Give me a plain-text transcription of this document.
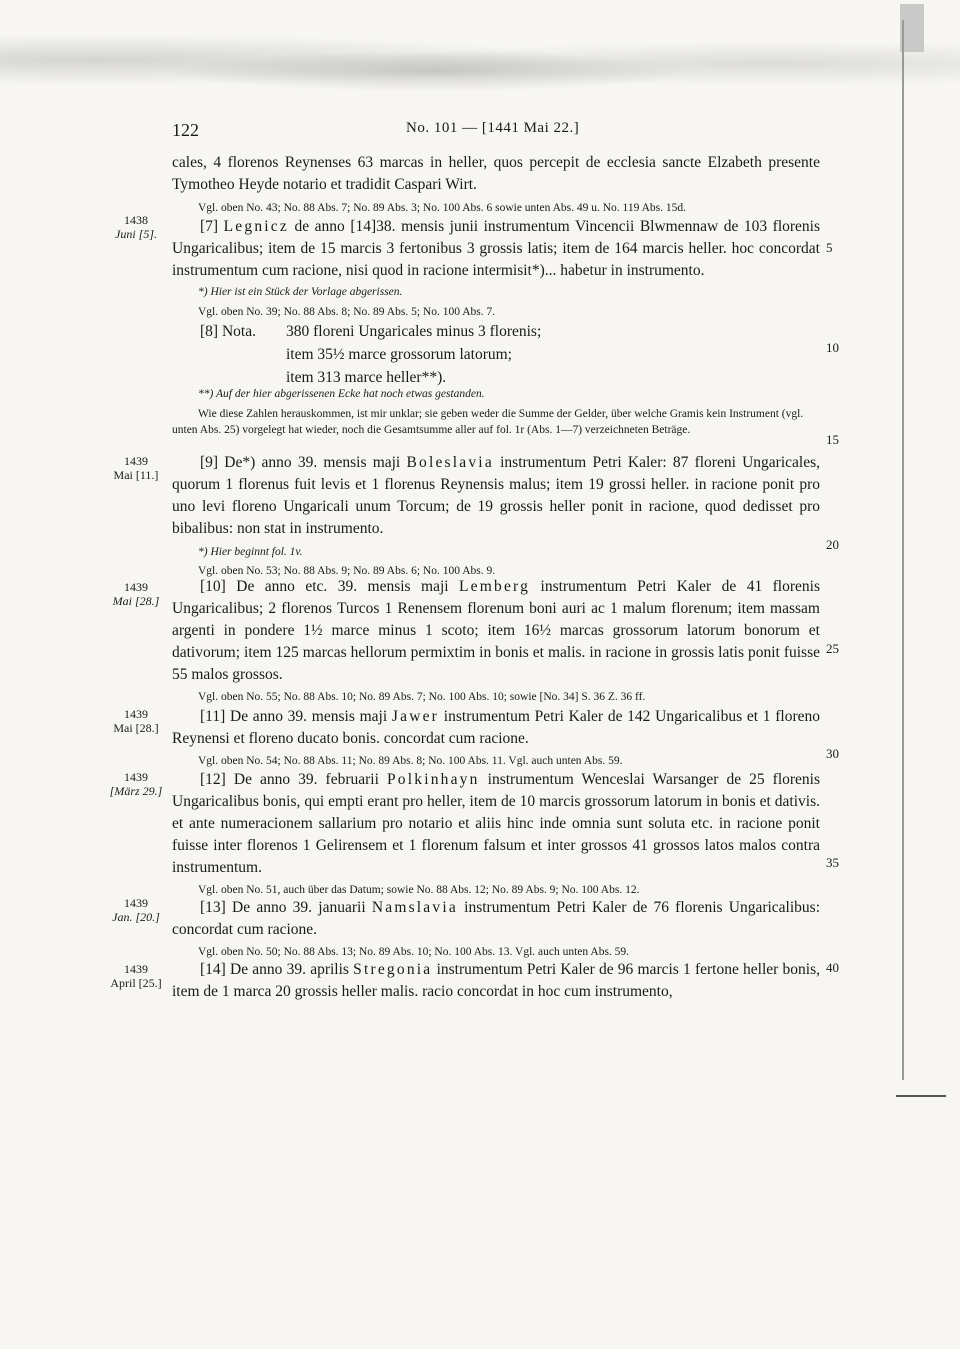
122	No. 101 — [1441 Mai 22.]
1438
Juni [5].
1439
Mai [11.]
1439
Mai [28.]
1439
Mai [28.]
1439
[März 29.]
1439
Jan. [20.]
1439
April [25.]
5
10
15
20
25
30
35
40

cales, 4 florenos Reynenses 63 marcas in heller, quos percepit de ecclesia sancte Elzabeth presente Tymotheo Heyde notario et tradidit Caspari Wirt.

Vgl. oben No. 43; No. 88 Abs. 7; No. 89 Abs. 3; No. 100 Abs. 6 sowie unten Abs. 49 u. No. 119 Abs. 15d.

[7] Legnicz de anno [14]38. mensis junii instrumentum Vincencii Blwmennaw de 103 florenis Ungaricalibus; item de 15 marcis 3 fertonibus 3 grossis latis; item de 164 marcis heller. hoc concordat instrumentum cum racione, nisi quod in racione intermisit*)... habetur in instrumento.

*) Hier ist ein Stück der Vorlage abgerissen.

Vgl. oben No. 39; No. 88 Abs. 8; No. 89 Abs. 5; No. 100 Abs. 7.

[8] Nota. 380 floreni Ungaricales minus 3 florenis;
item 35½ marce grossorum latorum;
item 313 marce heller**).

**) Auf der hier abgerissenen Ecke hat noch etwas gestanden.

Wie diese Zahlen herauskommen, ist mir unklar; sie geben weder die Summe der Gelder, über welche Gramis kein Instrument (vgl. unten Abs. 25) vorgelegt hat wieder, noch die Gesamtsumme aller auf fol. 1r (Abs. 1—7) verzeichneten Beträge.

[9] De*) anno 39. mensis maji Boleslavia instrumentum Petri Kaler: 87 floreni Ungaricales, quorum 1 florenus fuit levis et 1 florenus Reynensis malus; item 19 grossi heller. in racione ponit pro uno levi floreno Ungaricali unum Torcum; de 19 grossis heller ponit in racione, quod dedisset pro bibalibus: non stat in instrumento.

*) Hier beginnt fol. 1v.

Vgl. oben No. 53; No. 88 Abs. 9; No. 89 Abs. 6; No. 100 Abs. 9.

[10] De anno etc. 39. mensis maji Lemberg instrumentum Petri Kaler de 41 florenis Ungaricalibus; 2 florenos Turcos 1 Renensem florenum boni auri ac 1 malum florenum; item massam argenti in pondere 1½ marce minus 1 scoto; item 16½ marcas grossorum latorum bonorum et dativorum; item 125 marcas hellorum permixtim in bonis et malis. in racione in grossis latis ponit fuisse 55 malos grossos.

Vgl. oben No. 55; No. 88 Abs. 10; No. 89 Abs. 7; No. 100 Abs. 10; sowie [No. 34] S. 36 Z. 36 ff.

[11] De anno 39. mensis maji Jawer instrumentum Petri Kaler de 142 Ungaricalibus et 1 floreno Reynensi et floreno ducato bonis. concordat cum racione.

Vgl. oben No. 54; No. 88 Abs. 11; No. 89 Abs. 8; No. 100 Abs. 11. Vgl. auch unten Abs. 59.

[12] De anno 39. februarii Polkinhayn instrumentum Wenceslai Warsanger de 25 florenis Ungaricalibus bonis, qui empti erant pro heller, item de 10 marcis grossorum latorum in bonis et dativis. et ante numeracionem sallarium pro notario et aliis hinc inde omnia sunt soluta etc. in racione ponit fuisse inter florenos 1 Gelirensem et 1 florenum falsum et inter grossos 41 grossos latos malos contra instrumentum.

Vgl. oben No. 51, auch über das Datum; sowie No. 88 Abs. 12; No. 89 Abs. 9; No. 100 Abs. 12.

[13] De anno 39. januarii Namslavia instrumentum Petri Kaler de 76 florenis Ungaricalibus: concordat cum racione.

Vgl. oben No. 50; No. 88 Abs. 13; No. 89 Abs. 10; No. 100 Abs. 13. Vgl. auch unten Abs. 59.

[14] De anno 39. aprilis Stregonia instrumentum Petri Kaler de 96 marcis 1 fertone heller bonis, item de 1 marca 20 grossis heller malis. racio concordat in hoc cum instrumento,
